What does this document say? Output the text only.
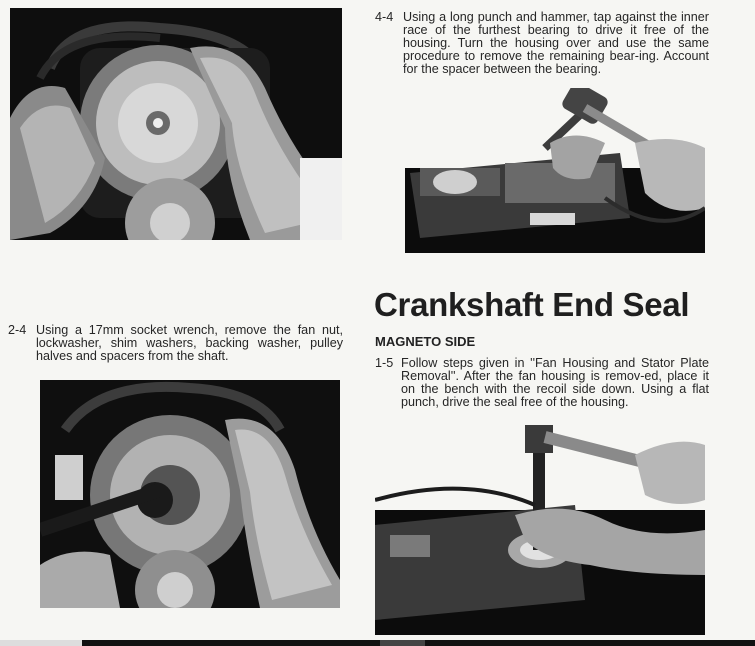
4-4 Using a long punch and hammer, tap against the inner race of the furthest bearing to drive it free of the housing. Turn the housing over and use the same procedure to remove the remaining bear-ing. Account for the spacer between the bearing.
2-4 Using a 17mm socket wrench, remove the fan nut, lockwasher, shim washers, backing washer, pulley halves and spacers from the shaft.
Crankshaft End Seal
MAGNETO SIDE
1-5 Follow steps given in ''Fan Housing and Stator Plate Removal''. After the fan housing is remov-ed, place it on the bench with the recoil side down. Using a flat punch, drive the seal free of the housing.
